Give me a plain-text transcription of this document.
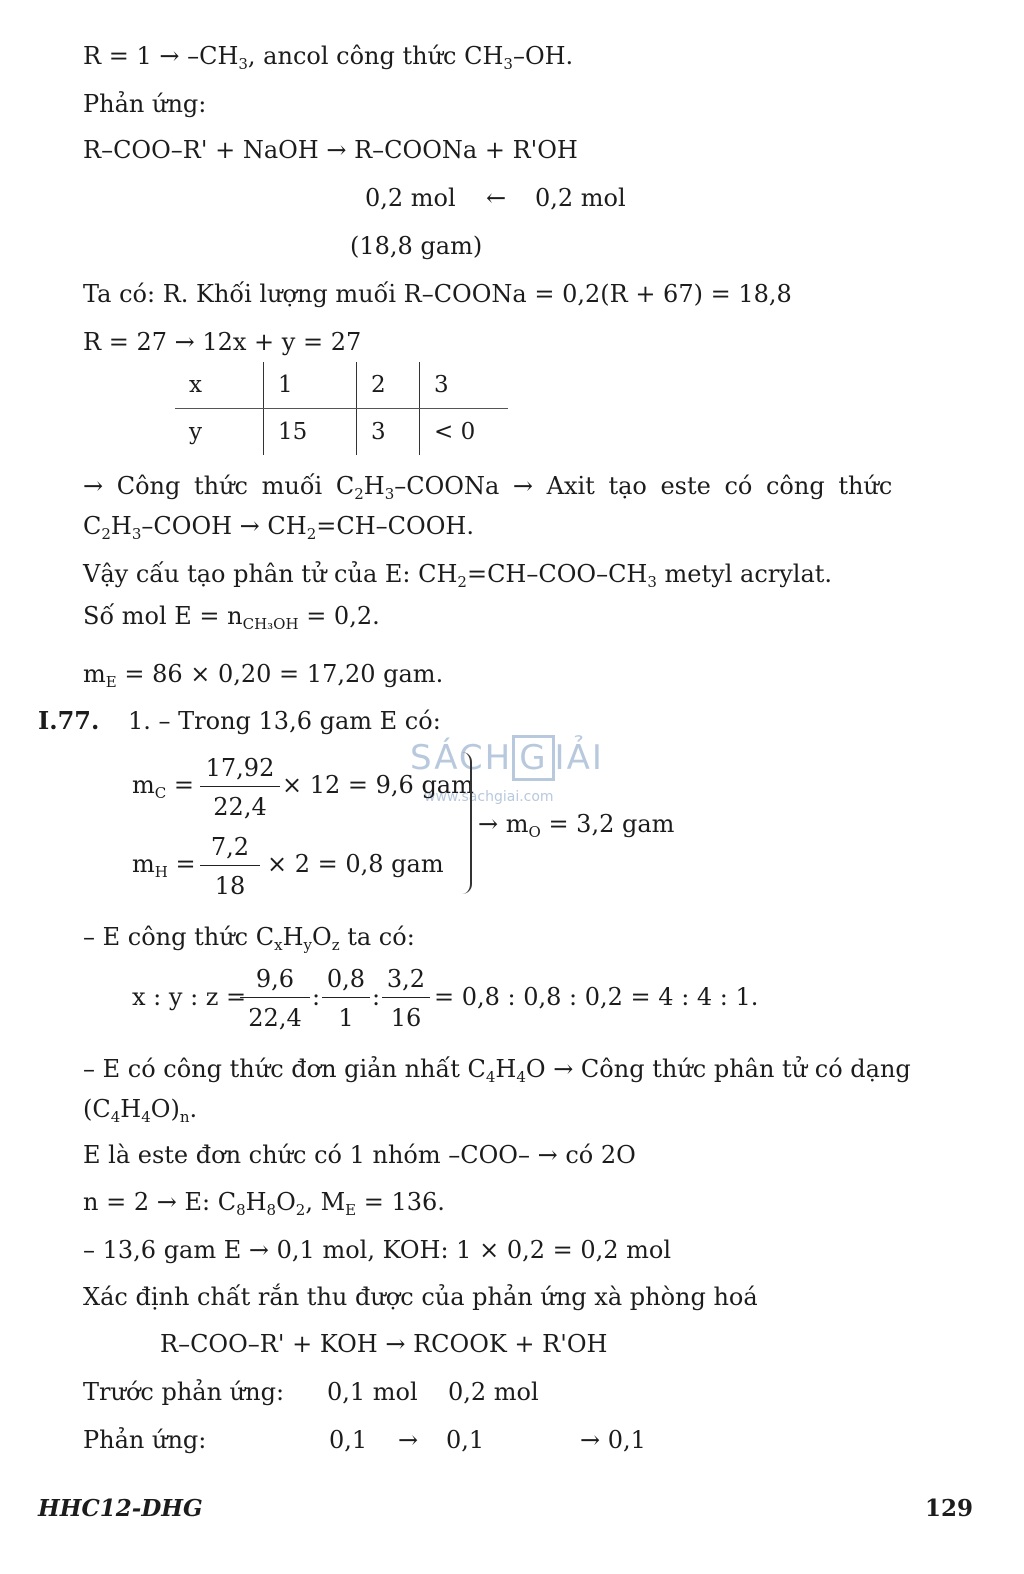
$R = 1 \to -CH_3$, ancol công thức $CH_3-OH$.
Phản ứng:
R–COO–R' + NaOH → R–COONa + R'OH
0,2 mol ← 0,2 mol
(18,8 gam)
Ta có: R. Khối lượng muối R–COONa = 0,2(R + 67) = 18,8
R = 27 → 12x + y = 27
x	1	2	3
y	15	3	< 0
→ Công thức muối $C_2H_3$–COONa → Axit tạo este có công thức
$C_2H_3$–COOH → $CH_2=CH$–COOH.
Vậy cấu tạo phân tử của E: $CH_2=CH-COO-CH_3$ metyl acrylat.
Số mol $E = n_{CH_3OH} = 0,2$.
$m_E = 86 \times 0,20 = 17,20$ gam.
I.77. 1. – Trong 13,6 gam E có:
SÁCH G IẢI
www.sachgiai.com
$m_C = \frac{17,92}{22,4} \times 12 = 9,6$ gam
$m_H = \frac{7,2}{18} \times 2 = 0,8$ gam
→ $m_O = 3,2$ gam
– E công thức $C_xH_yO_z$ ta có:
x : y : z =
$\frac{9,6}{22,4}$ : $\frac{0,8}{1}$ : $\frac{3,2}{16} = 0,8$ : 0,8 : 0,2 = 4 : 4 : 1.
– E có công thức đơn giản nhất $C_4H_4O$ → Công thức phân tử có dạng
$(C_4H_4O)_n$.
E là este đơn chức có 1 nhóm –COO– → có 2O
n = 2 → E: $C_8H_8O_2$, $M_E = 136$.
– 13,6 gam E → 0,1 mol, KOH: 1 × 0,2 = 0,2 mol
Xác định chất rắn thu được của phản ứng xà phòng hoá
R–COO–R' + KOH → RCOOK + R'OH
Trước phản ứng: 0,1 mol 0,2 mol
Phản ứng:	0,1 → 0,1	→ 0,1
HHC12-DHG	129
